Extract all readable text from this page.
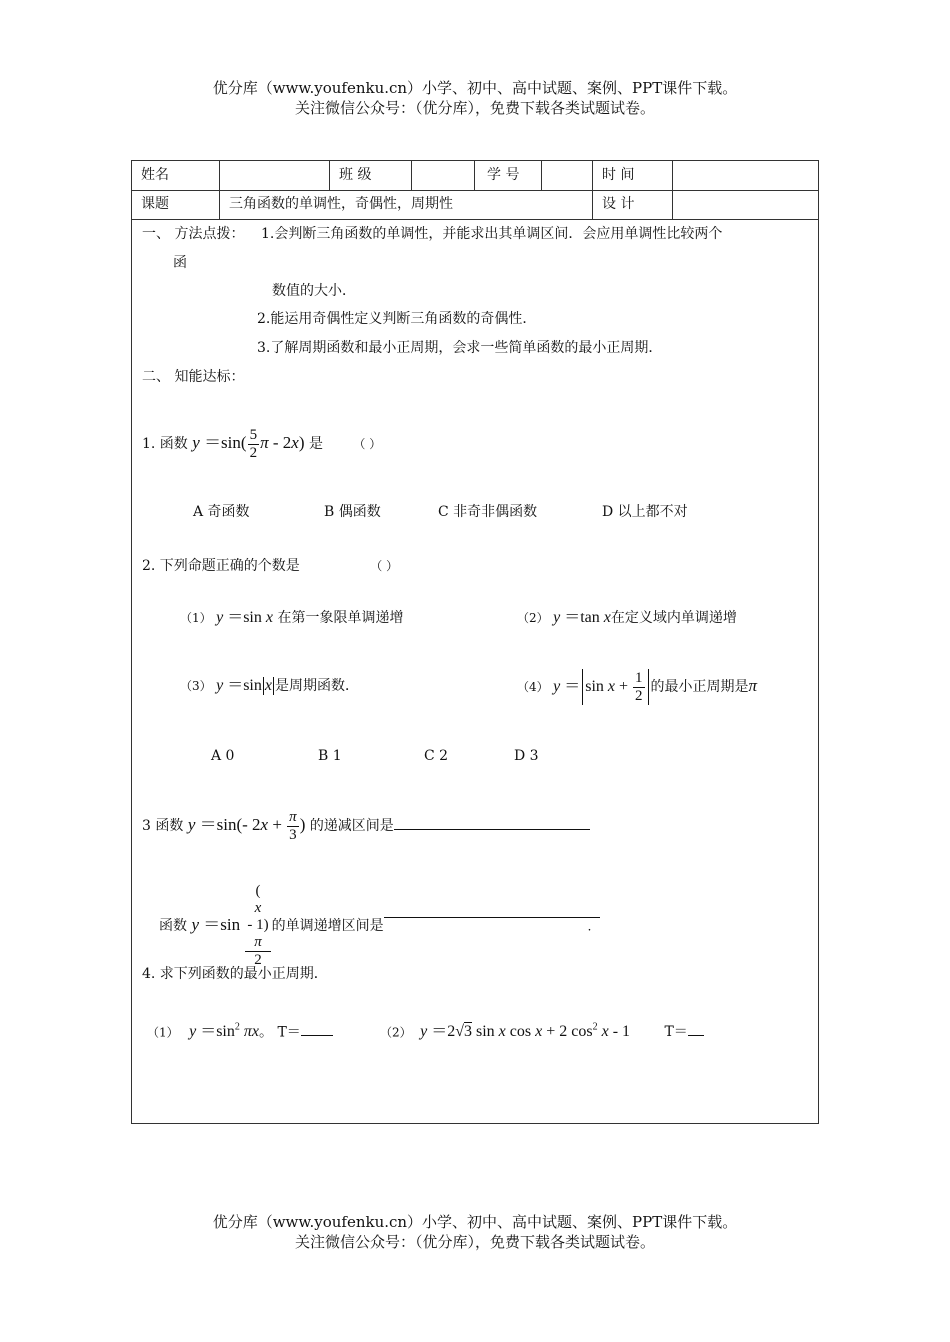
优分库（www.youfenku.cn）小学、初中、高中试题、案例、PPT课件下载。
关注微信公众号：（优分库），免费下载各类试题试卷。
姓名	班 级	学 号	时 间
课题	三角函数的单调性，奇偶性，周期性	设 计
一、 方法点拨： 1.会判断三角函数的单调性，并能求出其单调区间．会应用单调性比较两个
函
数值的大小．
2.能运用奇偶性定义判断三角函数的奇偶性．
3.了解周期函数和最小正周期，会求一些简单函数的最小正周期．
二、 知能达标：
1. 函数 $y =\sin( \frac{5}{2}$ π - 2x) 是	（ ）
A 奇函数	B 偶函数	C 非奇非偶函数	D 以上都不对
2. 下列命题正确的个数是	（ ）
（1） y ＝sin x 在第一象限单调递增	（2） y ＝tan x在定义域内单调递增
（3） y ＝sin x 是周期函数．	（4） $y = \sin x + \frac{1}{2}$ 的最小正周期是π
A 0	B 1	C 2	D 3
3 函数 y ＝sin(- $2x + \frac{\pi}{3}$ ) 的递减区间是
函数 y ＝sin (
x
- 1)
π
2 的单调递增区间是	．
4. 求下列函数的最小正周期．
（1） $y =\sin^2$ πx。 T＝	（2） y ＝2√3 sin x cos x + 2 $\cos^2 x - 1$ T＝
优分库（www.youfenku.cn）小学、初中、高中试题、案例、PPT课件下载。
关注微信公众号：（优分库），免费下载各类试题试卷。
